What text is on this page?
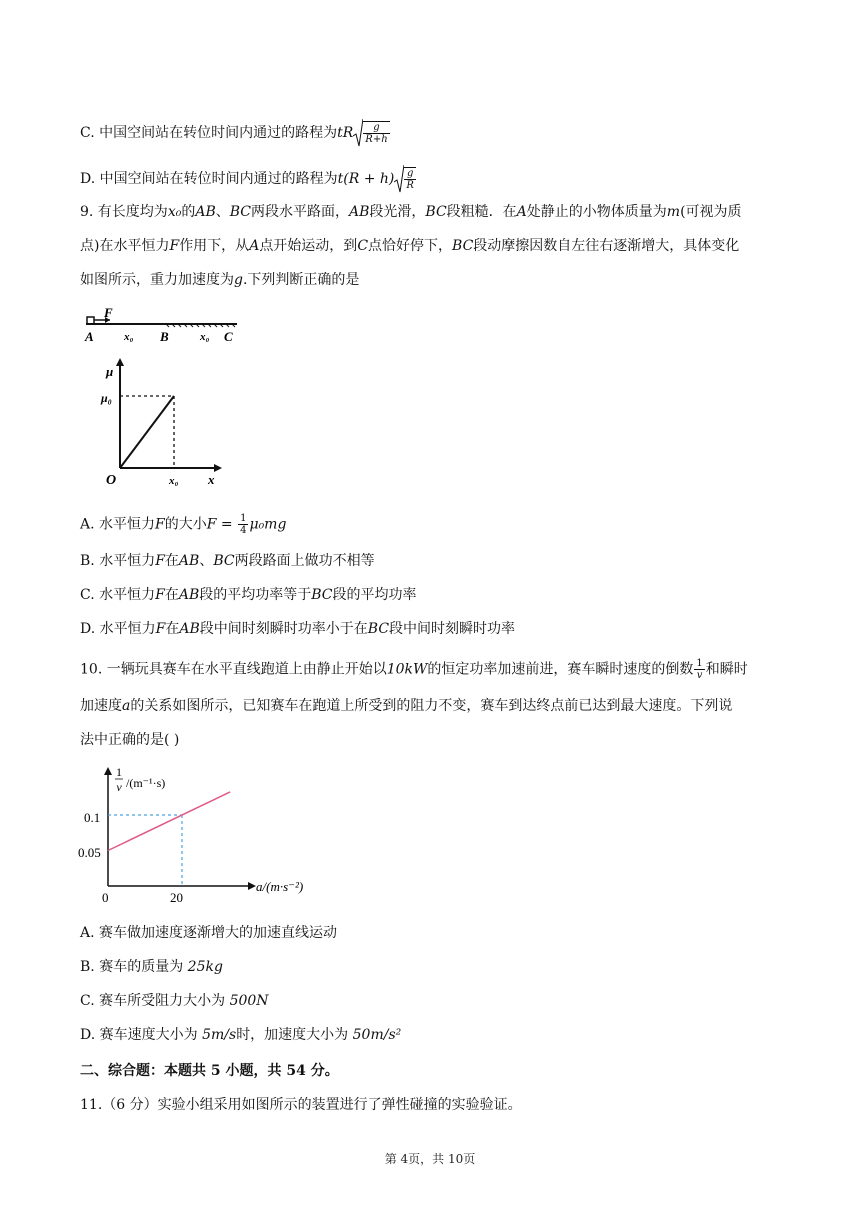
C. 中国空间站在转位时间内通过的路程为tR $\frac{g}{R+h}$
D. 中国空间站在转位时间内通过的路程为$t(R + h) \frac{g}{R}$
9. 有长度均为x₀的AB、BC两段水平路面，AB段光滑，BC段粗糙．在A处静止的小物体质量为m(可视为质
点)在水平恒力F作用下，从A点开始运动，到C点恰好停下，BC段动摩擦因数自左往右逐渐增大，具体变化
如图所示，重力加速度为g.下列判断正确的是
F
A	x₀ B	x₀ C
μ
μ₀
O	x₀ x
A. 水平恒力F的大小$F = \frac{1}{4} \mu_0mg$
B. 水平恒力F在AB、BC两段路面上做功不相等
C. 水平恒力F在AB段的平均功率等于BC段的平均功率
D. 水平恒力F在AB段中间时刻瞬时功率小于在BC段中间时刻瞬时功率
10. 一辆玩具赛车在水平直线跑道上由静止开始以10kW的恒定功率加速前进，赛车瞬时速度的倒数 $\frac{1}{v}$ 和瞬时
加速度a的关系如图所示，已知赛车在跑道上所受到的阻力不变，赛车到达终点前已达到最大速度。下列说
法中正确的是( )
1
v /(m⁻¹·s)
0.1
0.05
0	20
a/(m·s⁻²)
A. 赛车做加速度逐渐增大的加速直线运动
B. 赛车的质量为 25kg
C. 赛车所受阻力大小为 500N
D. 赛车速度大小为 5m/s时，加速度大小为 50m/s²
二、综合题：本题共 5 小题，共 54 分。
11.（6 分）实验小组采用如图所示的装置进行了弹性碰撞的实验验证。
第 4页，共 10页
